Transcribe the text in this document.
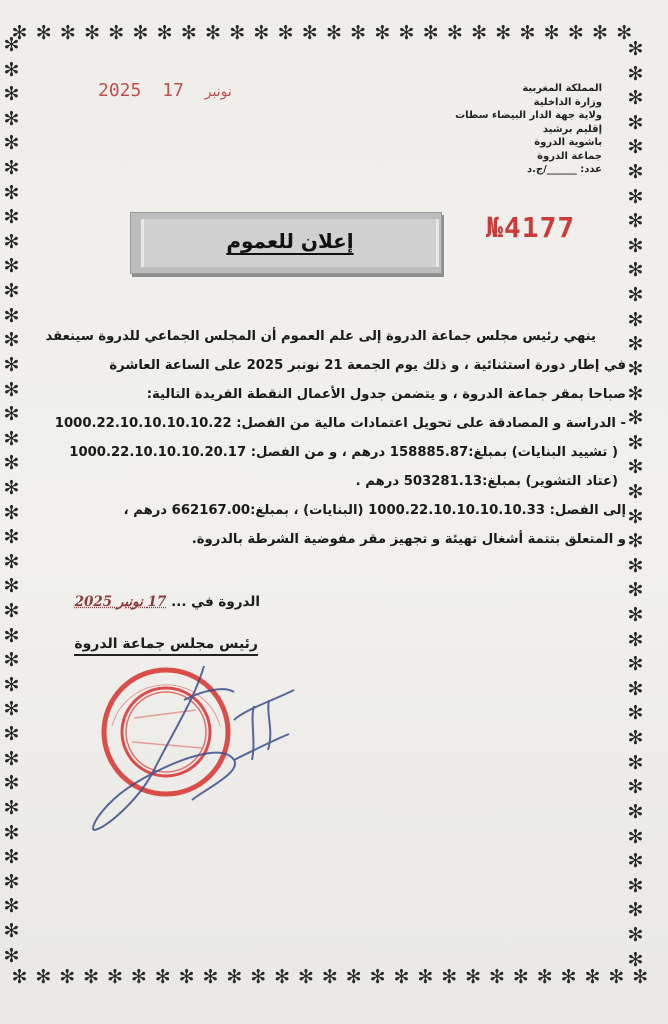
✻ ✻ ✻ ✻ ✻ ✻ ✻ ✻ ✻ ✻ ✻ ✻ ✻ ✻ ✻ ✻ ✻ ✻ ✻ ✻ ✻ ✻ ✻ ✻ ✻ ✻
✻ ✻ ✻ ✻ ✻ ✻ ✻ ✻ ✻ ✻ ✻ ✻ ✻ ✻ ✻ ✻ ✻ ✻ ✻ ✻ ✻ ✻ ✻ ✻ ✻ ✻ ✻
✻
✻
✻
✻
✻
✻
✻
✻
✻
✻
✻
✻
✻
✻
✻
✻
✻
✻
✻
✻
✻
✻
✻
✻
✻
✻
✻
✻
✻
✻
✻
✻
✻
✻
✻
✻
✻
✻
✻
✻
✻
✻
✻
✻
✻
✻
✻
✻
✻
✻
✻
✻
✻
✻
✻
✻
✻
✻
✻
✻
✻
✻
✻
✻
✻
✻
✻
✻
✻
✻
✻
✻
✻
✻
✻
✻
2025	نونبر 17	المملكة المغربية
وزارة الداخلية
ولاية جهة الدار البيضاء سطات
إقليم برشيد
باشوية الدروة
جماعة الدروة
عدد: ______/ج.د
№4177
إعلان للعموم
ينهي رئيس مجلس جماعة الدروة إلى علم العموم أن المجلس الجماعي للدروة سينعقد
في إطار دورة استثنائية ، و ذلك يوم الجمعة 21 نونبر 2025 على الساعة العاشرة
صباحا بمقر جماعة الدروة ، و يتضمن جدول الأعمال النقطة الفريدة التالية:
- الدراسة و المصادقة على تحويل اعتمادات مالية من الفصل: 1000.22.10.10.10.10.22
( تشييد البنايات) بمبلغ:158885.87 درهم ، و من الفصل: 1000.22.10.10.10.20.17
(عتاد التشوير) بمبلغ:503281.13 درهم .
إلى الفصل: 1000.22.10.10.10.10.33 (البنايات) ، بمبلغ:662167.00 درهم ،
و المتعلق بتتمة أشغال تهيئة و تجهيز مقر مفوضية الشرطة بالدروة.
الدروة في ... 17 نونبر 2025
رئيس مجلس جماعة الدروة
